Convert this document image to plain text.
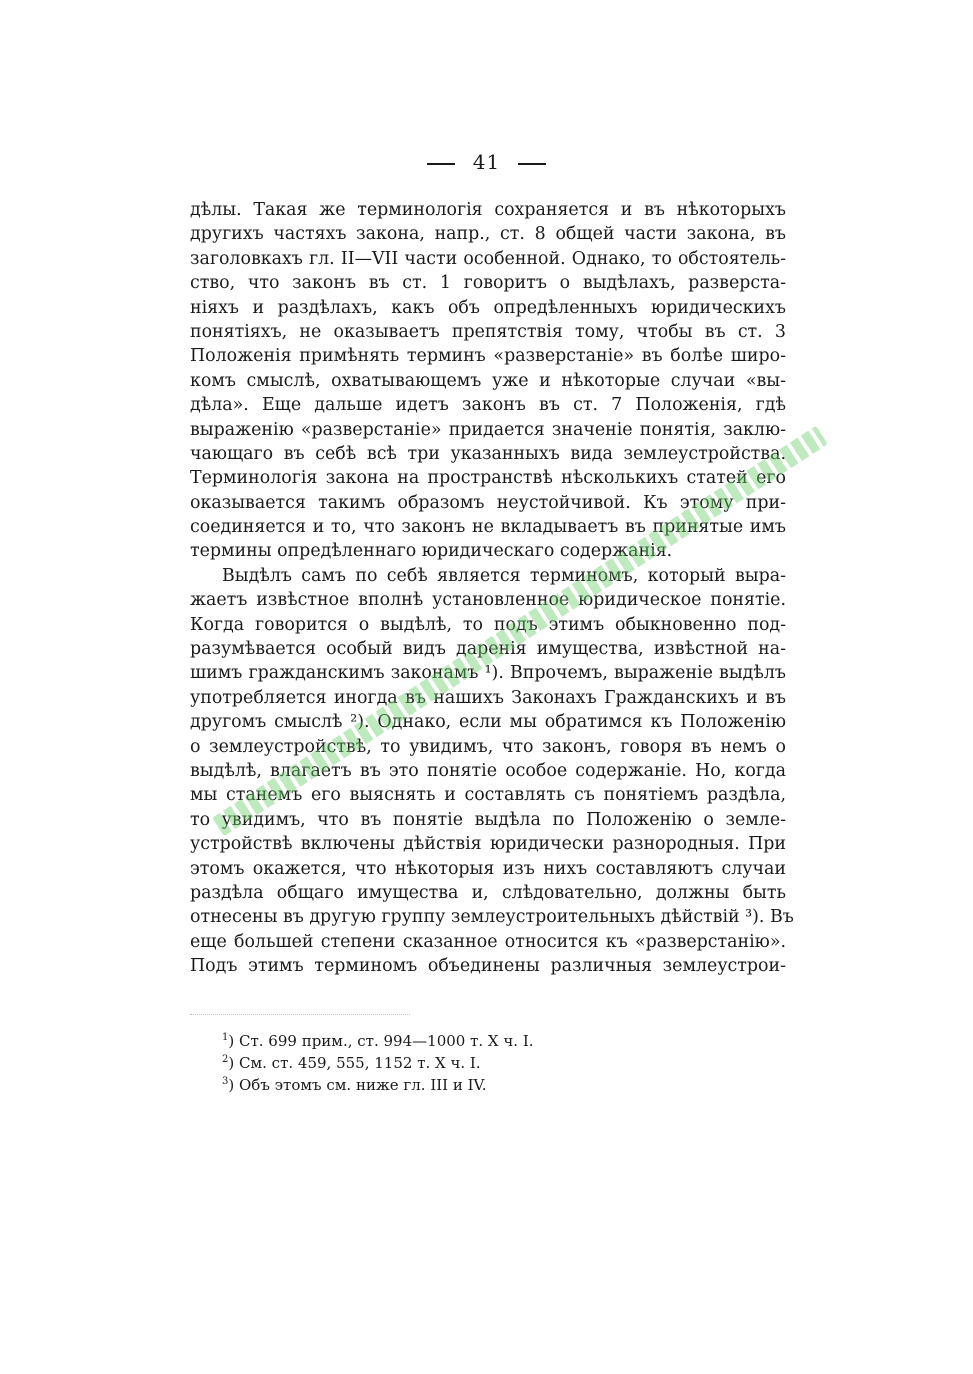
41
дѣлы. Такая же терминологія сохраняется и въ нѣкоторыхъ
другихъ частяхъ закона, напр., ст. 8 общей части закона, въ
заголовкахъ гл. II—VII части особенной. Однако, то обстоятель-
ство, что законъ въ ст. 1 говоритъ о выдѣлахъ, разверста-
ніяхъ и раздѣлахъ, какъ объ опредѣленныхъ юридическихъ
понятіяхъ, не оказываетъ препятствія тому, чтобы въ ст. 3
Положенія примѣнять терминъ «разверстаніе» въ болѣе широ-
комъ смыслѣ, охватывающемъ уже и нѣкоторые случаи «вы-
дѣла». Еще дальше идетъ законъ въ ст. 7 Положенія, гдѣ
выраженію «разверстаніе» придается значеніе понятія, заклю-
чающаго въ себѣ всѣ три указанныхъ вида землеустройства.
Терминологія закона на пространствѣ нѣсколькихъ статей его
оказывается такимъ образомъ неустойчивой. Къ этому при-
соединяется и то, что законъ не вкладываетъ въ принятые имъ
термины опредѣленнаго юридическаго содержанія.
Выдѣлъ самъ по себѣ является терминомъ, который выра-
жаетъ извѣстное вполнѣ установленное юридическое понятіе.
Когда говорится о выдѣлѣ, то подъ этимъ обыкновенно под-
разумѣвается особый видъ даренія имущества, извѣстной на-
шимъ гражданскимъ законамъ ¹). Впрочемъ, выраженіе выдѣлъ
употребляется иногда въ нашихъ Законахъ Гражданскихъ и въ
другомъ смыслѣ ²). Однако, если мы обратимся къ Положенію
о землеустройствѣ, то увидимъ, что законъ, говоря въ немъ о
выдѣлѣ, влагаетъ въ это понятіе особое содержаніе. Но, когда
мы станемъ его выяснять и составлять съ понятіемъ раздѣла,
то увидимъ, что въ понятіе выдѣла по Положенію о земле-
устройствѣ включены дѣйствія юридически разнородныя. При
этомъ окажется, что нѣкоторыя изъ нихъ составляютъ случаи
раздѣла общаго имущества и, слѣдовательно, должны быть
отнесены въ другую группу землеустроительныхъ дѣйствій ³). Въ
еще большей степени сказанное относится къ «разверстанію».
Подъ этимъ терминомъ объединены различныя землеустрои-
$^1$) Ст. 699 прим., ст. 994—1000 т. X ч. I.
$^2$) См. ст. 459, 555, 1152 т. X ч. I.
$^3$) Объ этомъ см. ниже гл. III и IV.
